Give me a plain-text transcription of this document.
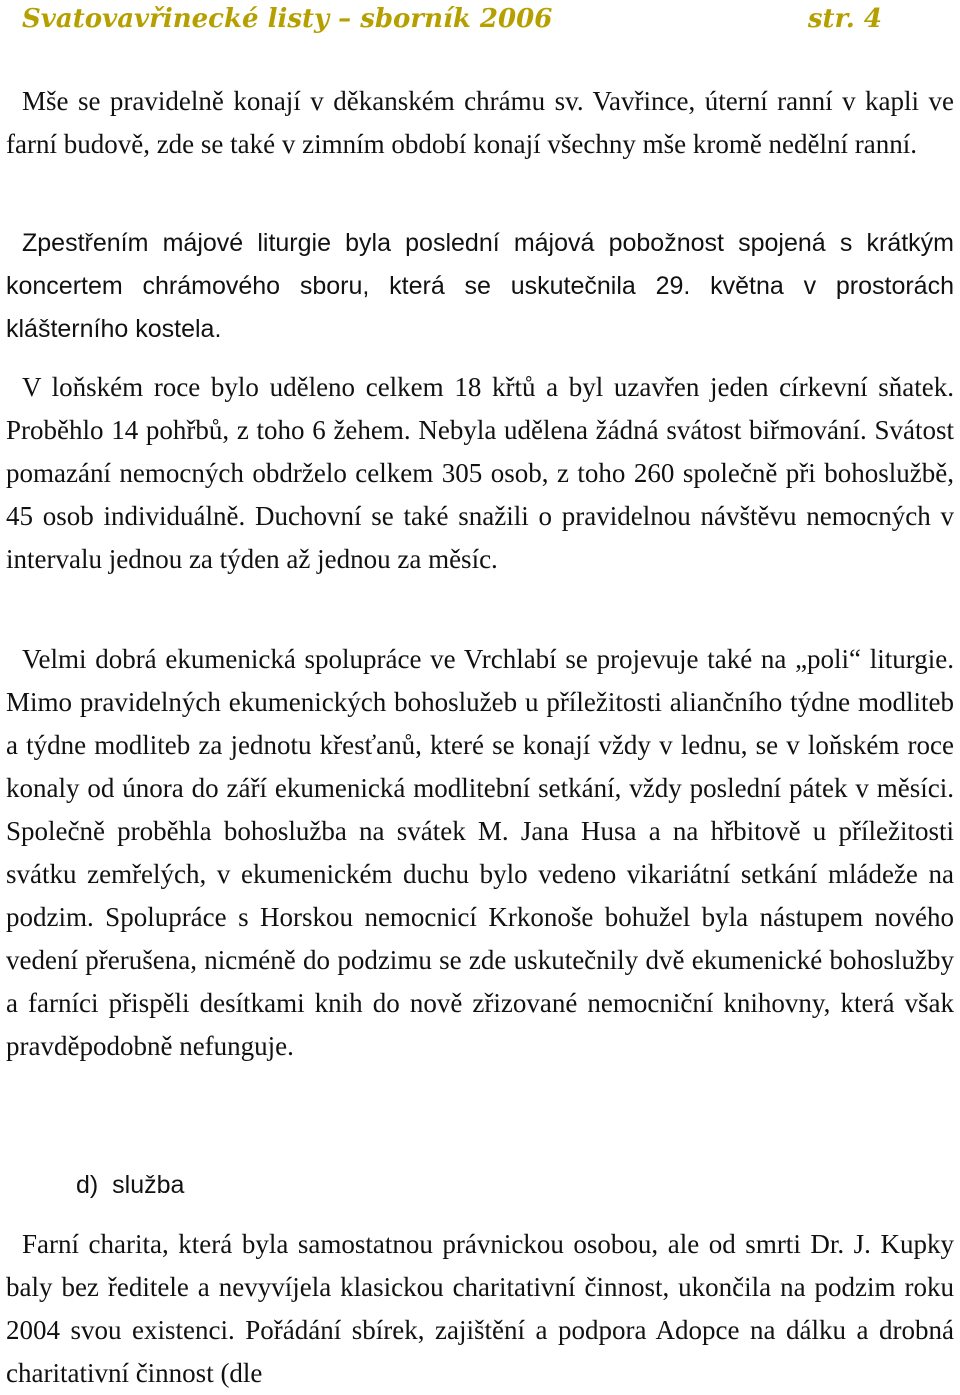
Svatovavřinecké listy – sborník 2006	str. 4

Mše se pravidelně konají v děkanském chrámu sv. Vavřince, úterní ranní v kapli ve farní budově, zde se také v zimním období konají všechny mše kromě nedělní ranní.

Zpestřením májové liturgie byla poslední májová pobožnost spojená s krátkým koncertem chrámového sboru, která se uskutečnila 29. května v prostorách klášterního kostela.

V loňském roce bylo uděleno celkem 18 křtů a byl uzavřen jeden církevní sňatek. Proběhlo 14 pohřbů, z toho 6 žehem. Nebyla udělena žádná svátost biřmování. Svátost pomazání nemocných obdrželo celkem 305 osob, z toho 260 společně při bohoslužbě, 45 osob individuálně. Duchovní se také snažili o pravidelnou návštěvu nemocných v intervalu jednou za týden až jednou za měsíc.

Velmi dobrá ekumenická spolupráce ve Vrchlabí se projevuje také na „poli“ liturgie. Mimo pravidelných ekumenických bohoslužeb u příležitosti aliančního týdne modliteb a týdne modliteb za jednotu křesťanů, které se konají vždy v lednu, se v loňském roce konaly od února do září ekumenická modlitební setkání, vždy poslední pátek v měsíci. Společně proběhla bohoslužba na svátek M. Jana Husa a na hřbitově u příležitosti svátku zemřelých, v ekumenickém duchu bylo vedeno vikariátní setkání mládeže na podzim. Spolupráce s Horskou nemocnicí Krkonoše bohužel byla nástupem nového vedení přerušena, nicméně do podzimu se zde uskutečnily dvě ekumenické bohoslužby a farníci přispěli desítkami knih do nově zřizované nemocniční knihovny, která však pravděpodobně nefunguje.

d) služba

Farní charita, která byla samostatnou právnickou osobou, ale od smrti Dr. J. Kupky baly bez ředitele a nevyvíjela klasickou charitativní činnost, ukončila na podzim roku 2004 svou existenci. Pořádání sbírek, zajištění a podpora Adopce na dálku a drobná charitativní činnost (dle
